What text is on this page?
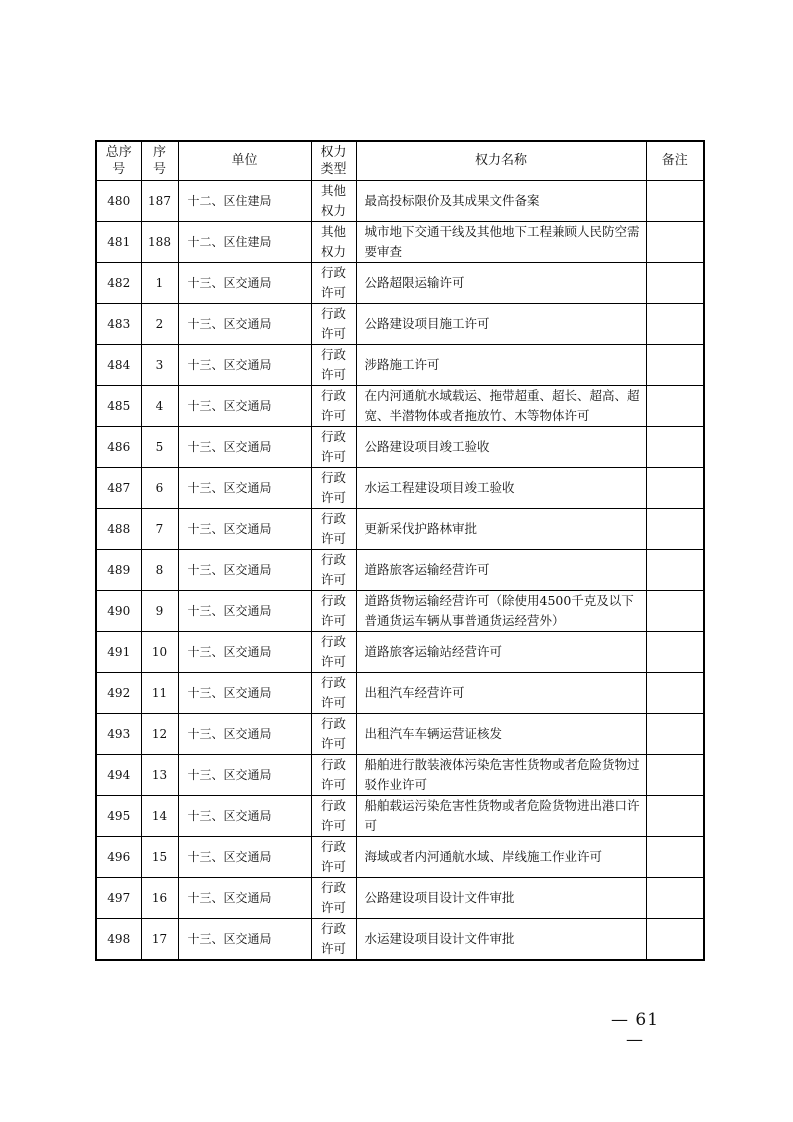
总序号	序号	单位	权力类型	权力名称	备注
480	187	十二、区住建局	其他权力	最高投标限价及其成果文件备案	
481	188	十二、区住建局	其他权力	城市地下交通干线及其他地下工程兼顾人民防空需要审查	
482	1	十三、区交通局	行政许可	公路超限运输许可	
483	2	十三、区交通局	行政许可	公路建设项目施工许可	
484	3	十三、区交通局	行政许可	涉路施工许可	
485	4	十三、区交通局	行政许可	在内河通航水域载运、拖带超重、超长、超高、超宽、半潜物体或者拖放竹、木等物体许可	
486	5	十三、区交通局	行政许可	公路建设项目竣工验收	
487	6	十三、区交通局	行政许可	水运工程建设项目竣工验收	
488	7	十三、区交通局	行政许可	更新采伐护路林审批	
489	8	十三、区交通局	行政许可	道路旅客运输经营许可	
490	9	十三、区交通局	行政许可	道路货物运输经营许可（除使用4500千克及以下普通货运车辆从事普通货运经营外）	
491	10	十三、区交通局	行政许可	道路旅客运输站经营许可	
492	11	十三、区交通局	行政许可	出租汽车经营许可	
493	12	十三、区交通局	行政许可	出租汽车车辆运营证核发	
494	13	十三、区交通局	行政许可	船舶进行散装液体污染危害性货物或者危险货物过驳作业许可	
495	14	十三、区交通局	行政许可	船舶载运污染危害性货物或者危险货物进出港口许可	
496	15	十三、区交通局	行政许可	海域或者内河通航水域、岸线施工作业许可	
497	16	十三、区交通局	行政许可	公路建设项目设计文件审批	
498	17	十三、区交通局	行政许可	水运建设项目设计文件审批	
— 61 —
